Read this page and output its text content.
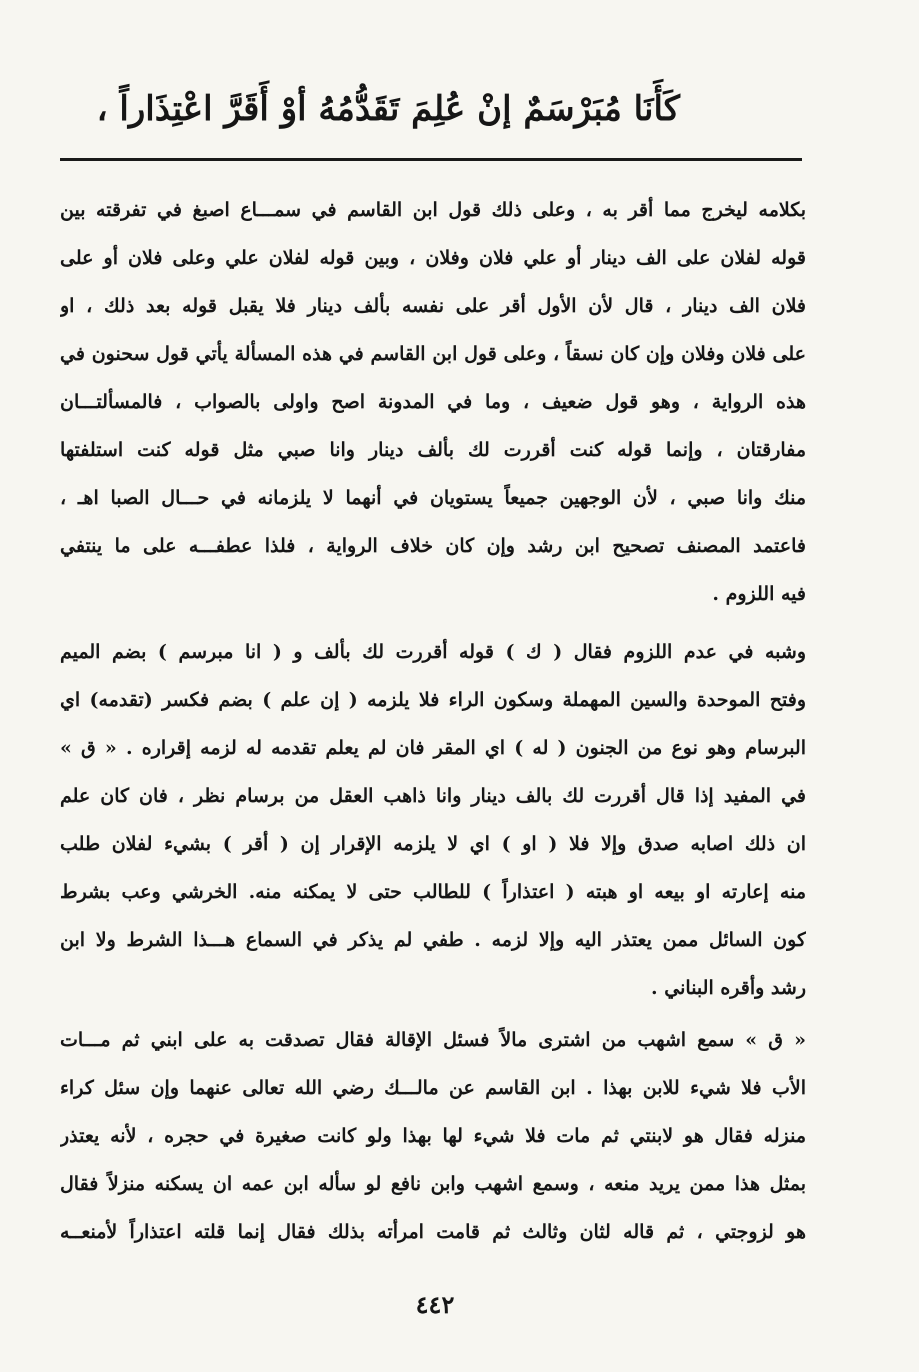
كَأَنَا مُبَرْسَمٌ إنْ عُلِمَ تَقَدُّمُهُ أوْ أَقَرَّ اعْتِذَاراً ،
بكلامه ليخرج مما أقر به ، وعلى ذلك قول ابن القاسم في سمـــاع اصبغ في تفرقته بين
قوله لفلان على الف دينار أو علي فلان وفلان ، وبين قوله لفلان علي وعلى فلان أو على
فلان الف دينار ، قال لأن الأول أقر على نفسه بألف دينار فلا يقبل قوله بعد ذلك ، او
على فلان وفلان وإن كان نسقاً ، وعلى قول ابن القاسم في هذه المسألة يأتي قول سحنون في
هذه الرواية ، وهو قول ضعيف ، وما في المدونة اصح واولى بالصواب ، فالمسألتـــان
مفارقتان ، وإنما قوله كنت أقررت لك بألف دينار وانا صبي مثل قوله كنت استلفتها
منك وانا صبي ، لأن الوجهين جميعاً يستويان في أنهما لا يلزمانه في حـــال الصبا اهـ ،
فاعتمد المصنف تصحيح ابن رشد وإن كان خلاف الرواية ، فلذا عطفـــه على ما ينتفي
فيه اللزوم .
وشبه في عدم اللزوم فقال ( ك ) قوله أقررت لك بألف و ( انا مبرسم ) بضم الميم
وفتح الموحدة والسين المهملة وسكون الراء فلا يلزمه ( إن علم ) بضم فكسر (تقدمه) اي
البرسام وهو نوع من الجنون ( له ) اي المقر فان لم يعلم تقدمه له لزمه إقراره . « ق »
في المفيد إذا قال أقررت لك بالف دينار وانا ذاهب العقل من برسام نظر ، فان كان علم
ان ذلك اصابه صدق وإلا فلا ( او ) اي لا يلزمه الإقرار إن ( أقر ) بشيء لفلان طلب
منه إعارته او بيعه او هبته ( اعتذاراً ) للطالب حتى لا يمكنه منه. الخرشي وعب بشرط
كون السائل ممن يعتذر اليه وإلا لزمه . طفي لم يذكر في السماع هـــذا الشرط ولا ابن
رشد وأقره البناني .
« ق » سمع اشهب من اشترى مالاً فسئل الإقالة فقال تصدقت به على ابني ثم مـــات
الأب فلا شيء للابن بهذا . ابن القاسم عن مالـــك رضي الله تعالى عنهما وإن سئل كراء
منزله فقال هو لابنتي ثم مات فلا شيء لها بهذا ولو كانت صغيرة في حجره ، لأنه يعتذر
بمثل هذا ممن يريد منعه ، وسمع اشهب وابن نافع لو سأله ابن عمه ان يسكنه منزلاً فقال
هو لزوجتي ، ثم قاله لثان وثالث ثم قامت امرأته بذلك فقال إنما قلته اعتذاراً لأمنعــه
٤٤٢
